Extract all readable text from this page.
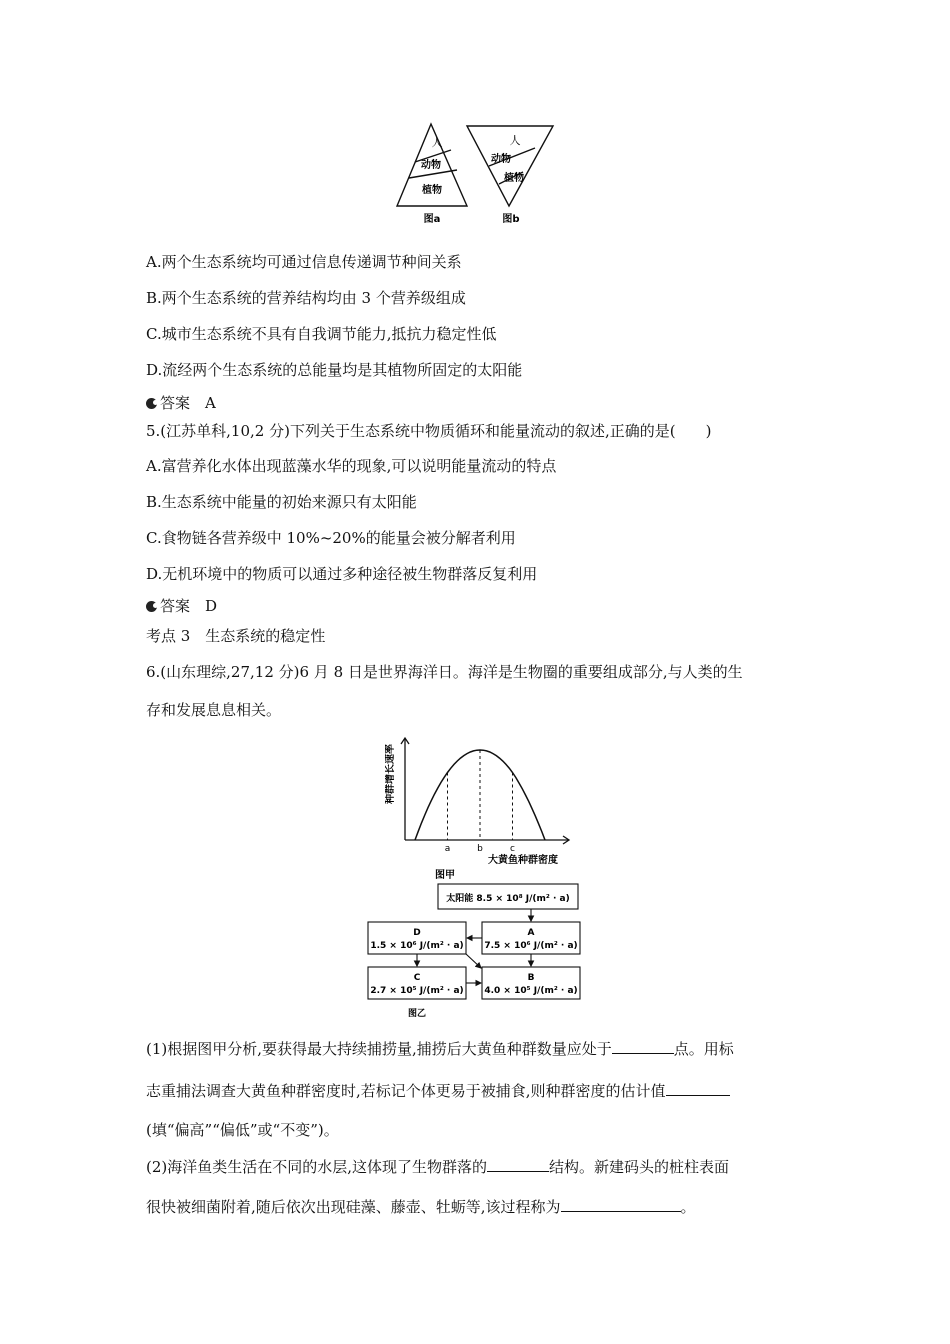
人
动物
植物
人
动物
植物
图a	图b
A.两个生态系统均可通过信息传递调节种间关系
B.两个生态系统的营养结构均由 3 个营养级组成
C.城市生态系统不具有自我调节能力,抵抗力稳定性低
D.流经两个生态系统的总能量均是其植物所固定的太阳能
答案　A
5.(江苏单科,10,2 分)下列关于生态系统中物质循环和能量流动的叙述,正确的是(　　)
A.富营养化水体出现蓝藻水华的现象,可以说明能量流动的特点
B.生态系统中能量的初始来源只有太阳能
C.食物链各营养级中 10%~20%的能量会被分解者利用
D.无机环境中的物质可以通过多种途径被生物群落反复利用
答案　D
考点 3　生态系统的稳定性
6.(山东理综,27,12 分)6 月 8 日是世界海洋日。海洋是生物圈的重要组成部分,与人类的生
存和发展息息相关。
a	b	c
种群增长速率
大黄鱼种群密度
图甲
太阳能 8.5 × 10⁸ J/(m² · a)
A
7.5 × 10⁶ J/(m² · a)
D
1.5 × 10⁶ J/(m² · a)
C
2.7 × 10⁵ J/(m² · a)
B
4.0 × 10⁵ J/(m² · a)
图乙
(1)根据图甲分析,要获得最大持续捕捞量,捕捞后大黄鱼种群数量应处于	点。用标
志重捕法调查大黄鱼种群密度时,若标记个体更易于被捕食,则种群密度的估计值
(填“偏高”“偏低”或“不变”)。
(2)海洋鱼类生活在不同的水层,这体现了生物群落的	结构。新建码头的桩柱表面
很快被细菌附着,随后依次出现硅藻、藤壶、牡蛎等,该过程称为	。
